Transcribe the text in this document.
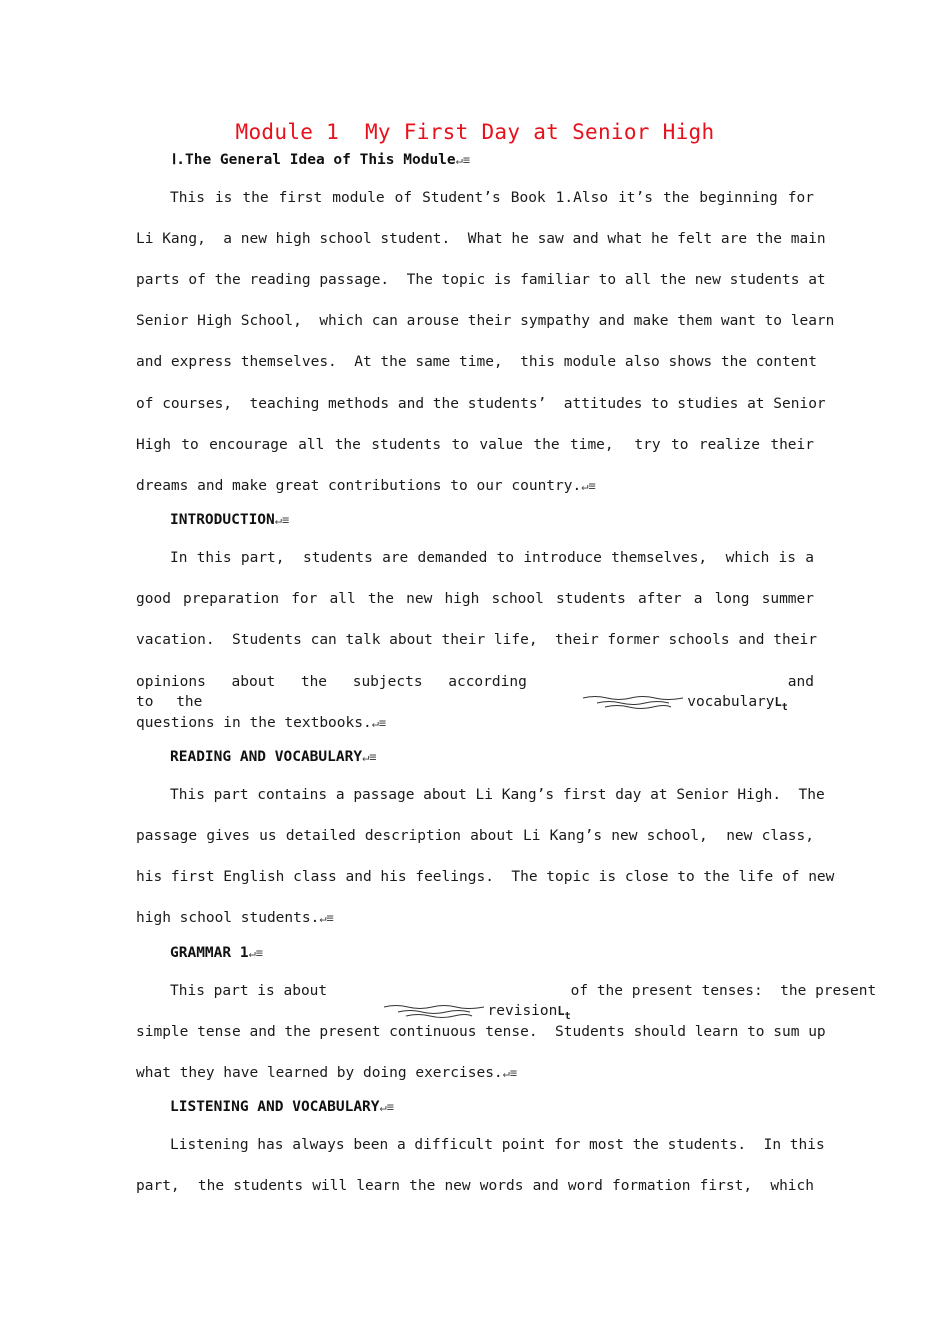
Module 1  My First Day at Senior High
Ⅰ.The General Idea of This Module↵≡
This is the first module of Student’s Book 1.Also it’s the beginning for
Li Kang,  a new high school student.  What he saw and what he felt are the main
parts of the reading passage.  The topic is familiar to all the new students at
Senior High School,  which can arouse their sympathy and make them want to learn
and express themselves.  At the same time,  this module also shows the content
of courses,  teaching methods and the students’  attitudes to studies at Senior
High to encourage all the students to value the time,  try to realize their
dreams and make great contributions to our country.↵≡
INTRODUCTION↵≡
In this part,  students are demanded to introduce themselves,  which is a
good preparation for all the new high school students after a long summer
vacation.  Students can talk about their life,  their former schools and their
opinions about the subjects according to the	vocabularyL$_t$

and
questions in the textbooks.↵≡
READING AND VOCABULARY↵≡
This part contains a passage about Li Kang’s first day at Senior High.  The
passage gives us detailed description about Li Kang’s new school,  new class,
his first English class and his feelings.  The topic is close to the life of new
high school students.↵≡
GRAMMAR 1↵≡
This part is about

revisionL$_t$

of the present tenses:  the present
simple tense and the present continuous tense.  Students should learn to sum up
what they have learned by doing exercises.↵≡
LISTENING AND VOCABULARY↵≡
Listening has always been a difficult point for most the students.  In this
part,  the students will learn the new words and word formation first,  which
